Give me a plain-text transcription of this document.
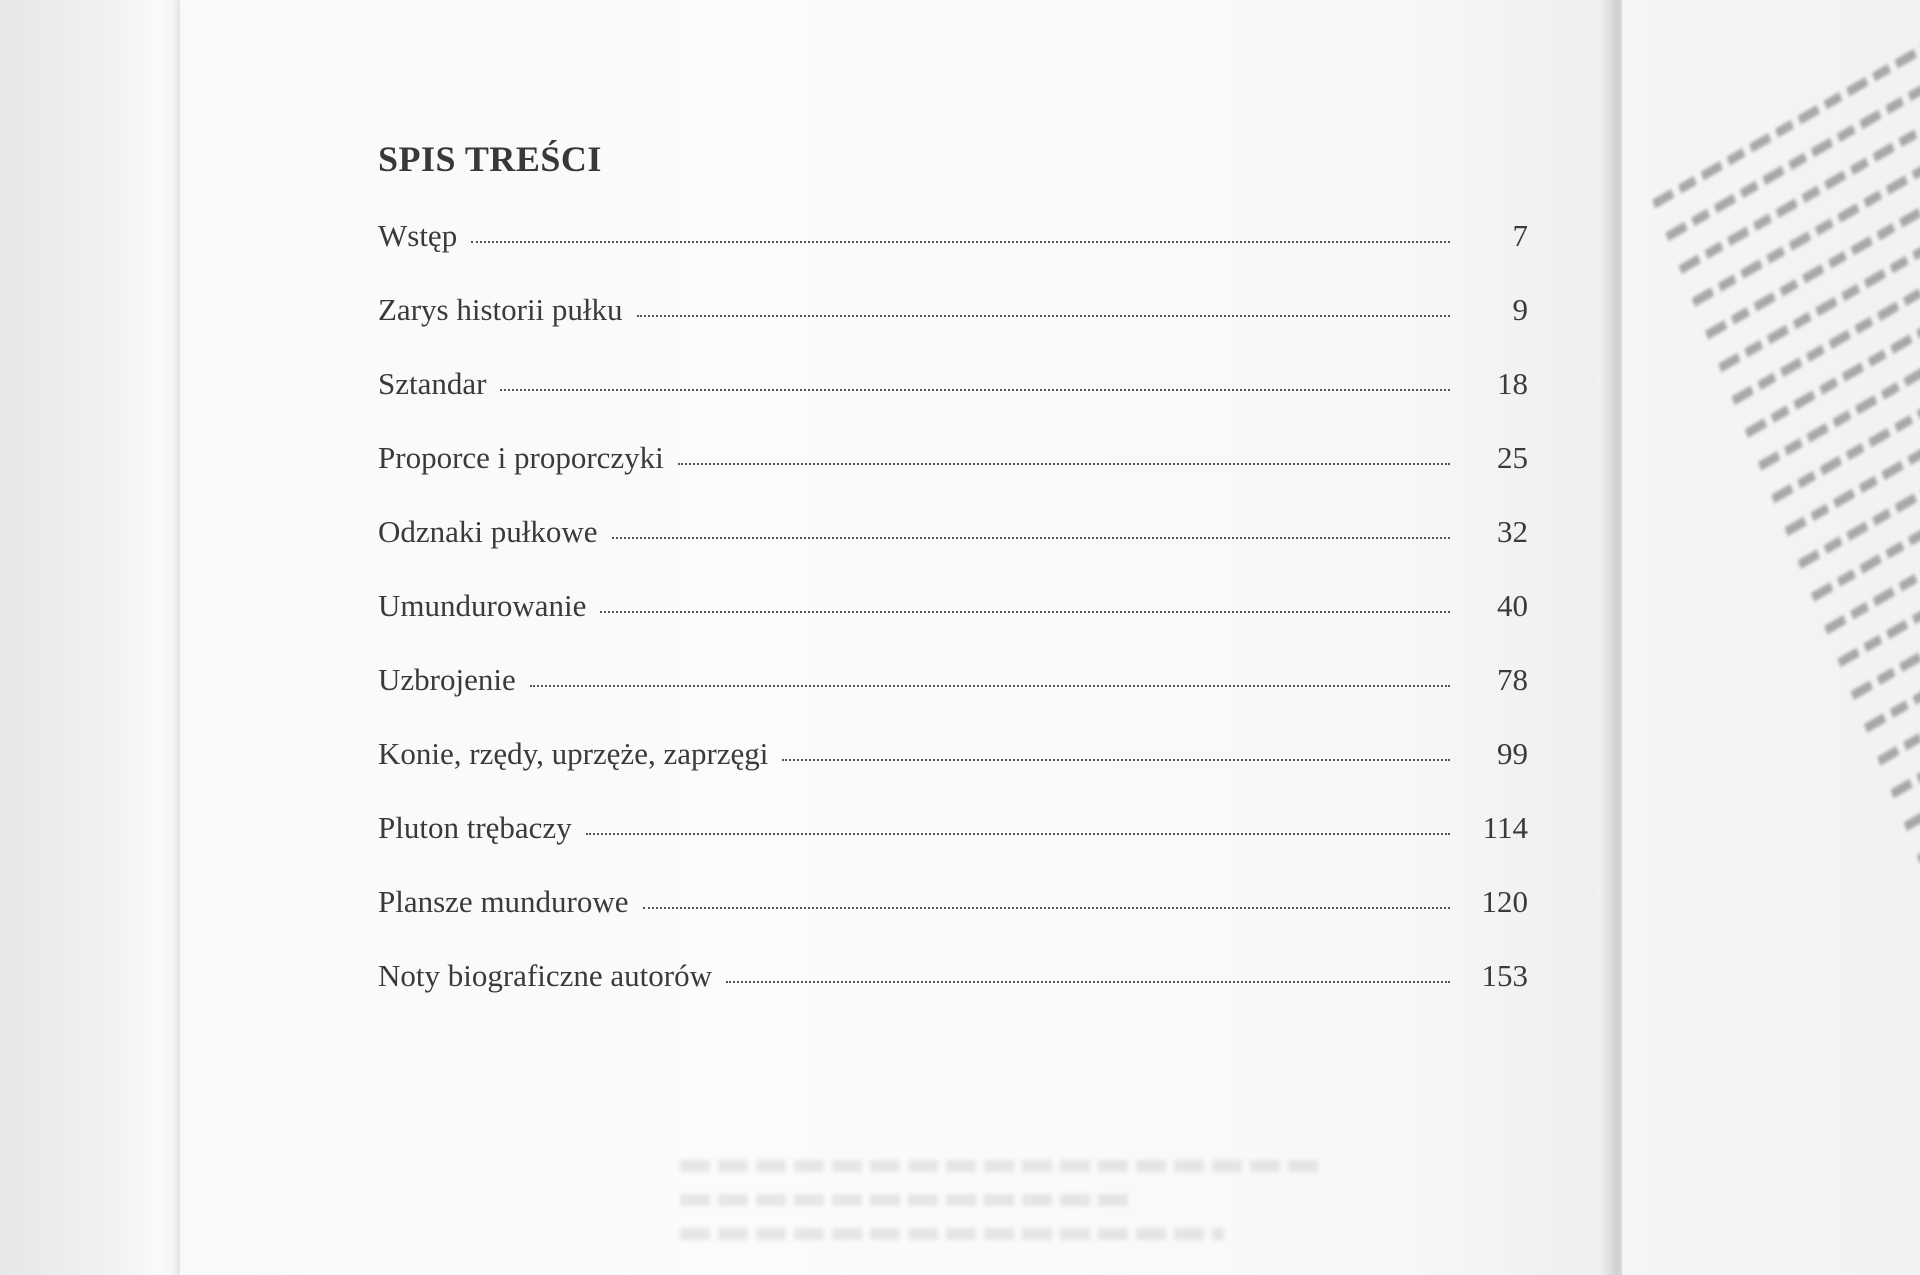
SPIS TREŚCI
Wstęp	7
Zarys historii pułku	9
Sztandar	18
Proporce i proporczyki	25
Odznaki pułkowe	32
Umundurowanie	40
Uzbrojenie	78
Konie, rzędy, uprzęże, zaprzęgi	99
Pluton trębaczy	114
Plansze mundurowe	120
Noty biograficzne autorów	153
